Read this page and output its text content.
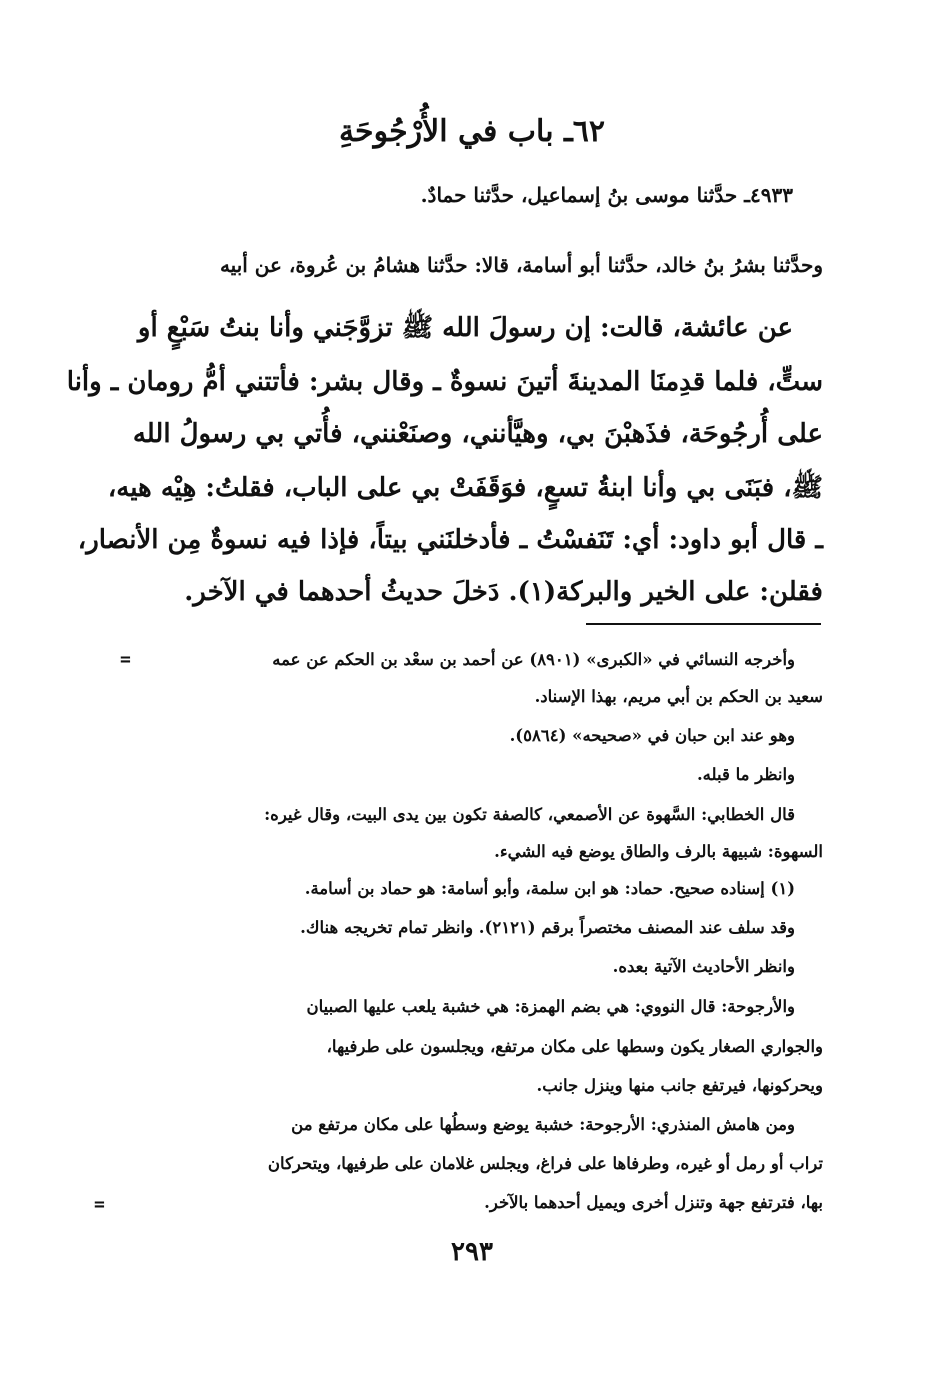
٦٢ـ باب في الأُرْجُوحَةِ
٤٩٣٣ـ حدَّثنا موسى بنُ إسماعيل، حدَّثنا حمادٌ.
وحدَّثنا بشرُ بنُ خالد، حدَّثنا أبو أسامة، قالا: حدَّثنا هشامُ بن عُروة، عن أبيه
عن عائشة، قالت: إن رسولَ الله ﷺ تزوَّجَني وأنا بنتُ سَبْعٍ أو
ستٍّ، فلما قدِمنَا المدينةَ أتينَ نسوةٌ ـ وقال بشر: فأتتني أمُّ رومان ـ وأنا
على أُرجُوحَة، فذَهبْنَ بي، وهيَّأنني، وصنَعْنني، فأُتي بي رسولُ الله
ﷺ، فبَنَى بي وأنا ابنةُ تسعٍ، فوَقَفَتْ بي على الباب، فقلتُ: هِيْه هيه،
ـ قال أبو داود: أي: تَنَفسْتُ ـ فأدخلنَني بيتاً، فإذا فيه نسوةٌ مِن الأنصار،
فقلن: على الخير والبركة(١). دَخلَ حديثُ أحدهما في الآخر.
=	وأخرجه النسائي في «الكبرى» (٨٩٠١) عن أحمد بن سعْد بن الحكم عن عمه
سعيد بن الحكم بن أبي مريم، بهذا الإسناد.
وهو عند ابن حبان في «صحيحه» (٥٨٦٤).
وانظر ما قبله.
قال الخطابي: السَّهوة عن الأصمعي، كالصفة تكون بين يدى البيت، وقال غيره:
السهوة: شبيهة بالرف والطاق يوضع فيه الشيء.
(١) إسناده صحيح. حماد: هو ابن سلمة، وأبو أسامة: هو حماد بن أسامة.
وقد سلف عند المصنف مختصراً برقم (٢١٢١). وانظر تمام تخريجه هناك.
وانظر الأحاديث الآتية بعده.
والأرجوحة: قال النووي: هي بضم الهمزة: هي خشبة يلعب عليها الصبيان
والجواري الصغار يكون وسطها على مكان مرتفع، ويجلسون على طرفيها،
ويحركونها، فيرتفع جانب منها وينزل جانب.
ومن هامش المنذري: الأرجوحة: خشبة يوضع وسطُها على مكان مرتفع من
تراب أو رمل أو غيره، وطرفاها على فراغ، ويجلس غلامان على طرفيها، ويتحركان
بها، فترتفع جهة وتنزل أخرى ويميل أحدهما بالآخر.
=
٢٩٣
